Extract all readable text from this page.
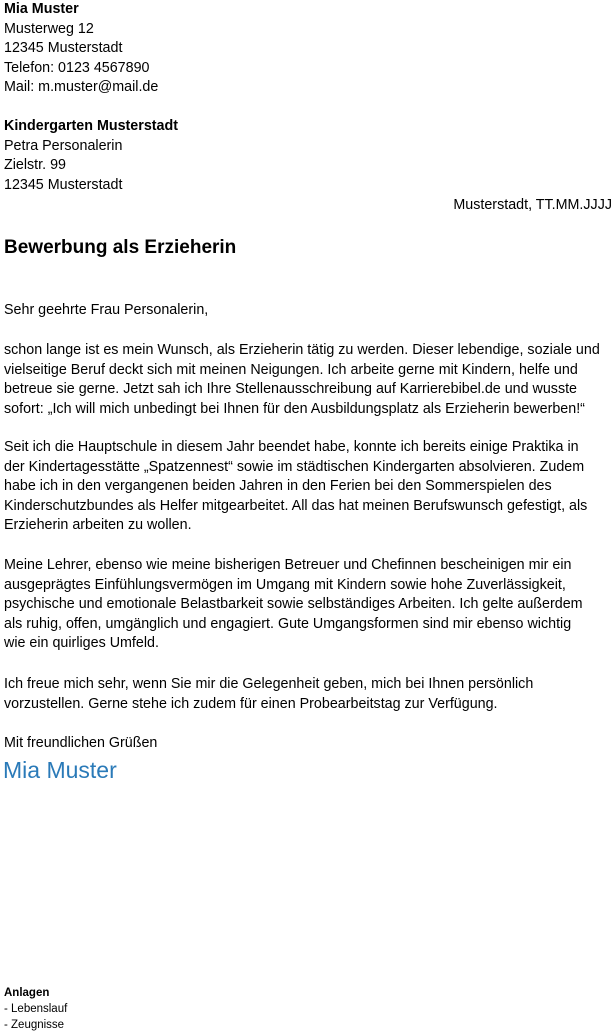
Mia Muster
Musterweg 12
12345 Musterstadt
Telefon: 0123 4567890
Mail: m.muster@mail.de
Kindergarten Musterstadt
Petra Personalerin
Zielstr. 99
12345 Musterstadt
Musterstadt, TT.MM.JJJJ
Bewerbung als Erzieherin
Sehr geehrte Frau Personalerin,
schon lange ist es mein Wunsch, als Erzieherin tätig zu werden. Dieser lebendige, soziale und
vielseitige Beruf deckt sich mit meinen Neigungen. Ich arbeite gerne mit Kindern, helfe und
betreue sie gerne. Jetzt sah ich Ihre Stellenausschreibung auf Karrierebibel.de und wusste
sofort: „Ich will mich unbedingt bei Ihnen für den Ausbildungsplatz als Erzieherin bewerben!“
Seit ich die Hauptschule in diesem Jahr beendet habe, konnte ich bereits einige Praktika in
der Kindertagesstätte „Spatzennest“ sowie im städtischen Kindergarten absolvieren. Zudem
habe ich in den vergangenen beiden Jahren in den Ferien bei den Sommerspielen des
Kinderschutzbundes als Helfer mitgearbeitet. All das hat meinen Berufswunsch gefestigt, als
Erzieherin arbeiten zu wollen.
Meine Lehrer, ebenso wie meine bisherigen Betreuer und Chefinnen bescheinigen mir ein
ausgeprägtes Einfühlungsvermögen im Umgang mit Kindern sowie hohe Zuverlässigkeit,
psychische und emotionale Belastbarkeit sowie selbständiges Arbeiten. Ich gelte außerdem
als ruhig, offen, umgänglich und engagiert. Gute Umgangsformen sind mir ebenso wichtig
wie ein quirliges Umfeld.
Ich freue mich sehr, wenn Sie mir die Gelegenheit geben, mich bei Ihnen persönlich
vorzustellen. Gerne stehe ich zudem für einen Probearbeitstag zur Verfügung.
Mit freundlichen Grüßen
Mia Muster
Anlagen
- Lebenslauf
- Zeugnisse
